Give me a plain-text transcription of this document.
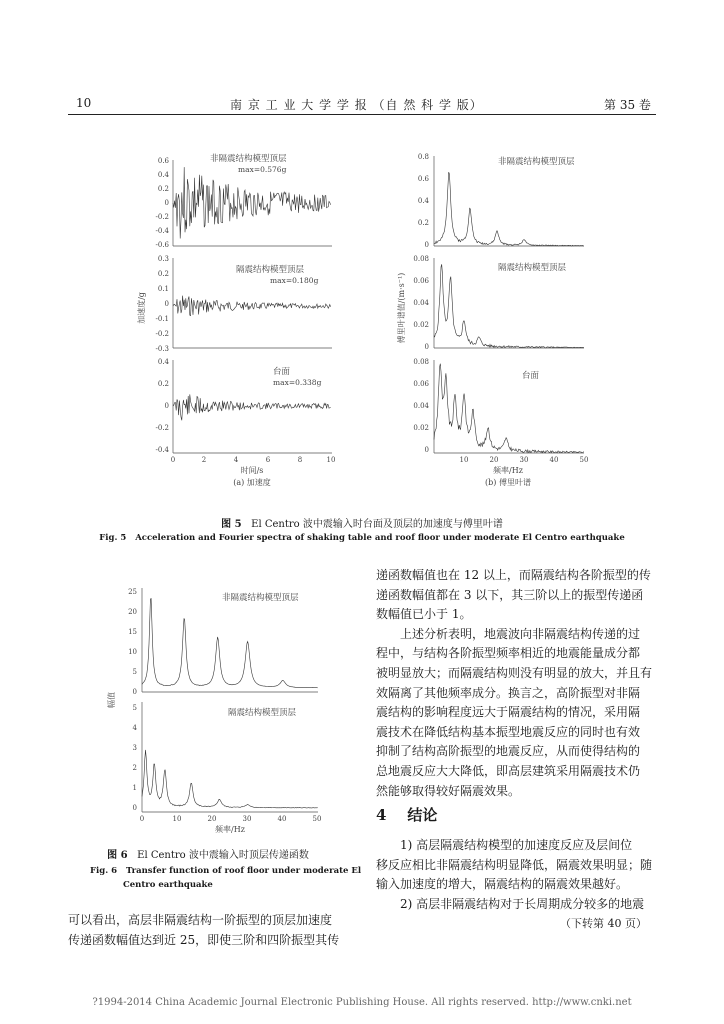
10	南 京 工 业 大 学 学 报 （自 然 科 学 版）	第 35 卷
非隔震结构模型顶层
max=0.576g
0.6
0.4
0.2
0
-0.2
-0.4
-0.6
隔震结构模型顶层
max=0.180g
0.3
0.2
0.1
0
-0.1
-0.2
-0.3
台面
max=0.338g
0.4
0.2
0
-0.2
-0.4
0	2	4	6	8	10
时间/s
(a) 加速度
加速度/g
非隔震结构模型顶层
0.8
0.6
0.4
0.2
0
隔震结构模型顶层
0.08
0.06
0.04
0.02
0
台面
0.08
0.06
0.04
0.02
0
10	20	30	40	50
频率/Hz
(b) 傅里叶谱
傅里叶谱值/(m·s⁻¹)
图 5 El Centro 波中震输入时台面及顶层的加速度与傅里叶谱
Fig. 5 Acceleration and Fourier spectra of shaking table and roof floor under moderate El Centro earthquake
非隔震结构模型顶层
25
20
15
10
5
0
隔震结构模型顶层
5
4
3
2
1
0
0	10	20	30	40	50
频率/Hz
幅值
图 6 El Centro 波中震输入时顶层传递函数
Fig. 6 Transfer function of roof floor under moderate El
Centro earthquake

可以看出，高层非隔震结构一阶振型的顶层加速度

传递函数幅值达到近 25，即使三阶和四阶振型其传

递函数幅值也在 12 以上，而隔震结构各阶振型的传

递函数幅值都在 3 以下，其三阶以上的振型传递函

数幅值已小于 1。

上述分析表明，地震波向非隔震结构传递的过

程中，与结构各阶振型频率相近的地震能量成分都

被明显放大；而隔震结构则没有明显的放大，并且有

效隔离了其他频率成分。换言之，高阶振型对非隔

震结构的影响程度远大于隔震结构的情况，采用隔

震技术在降低结构基本振型地震反应的同时也有效

抑制了结构高阶振型的地震反应，从而使得结构的

总地震反应大大降低，即高层建筑采用隔震技术仍

然能够取得较好隔震效果。

4 结论

1) 高层隔震结构模型的加速度反应及层间位

移反应相比非隔震结构明显降低，隔震效果明显；随

输入加速度的增大，隔震结构的隔震效果越好。

2) 高层非隔震结构对于长周期成分较多的地震

（下转第 40 页）
?1994-2014 China Academic Journal Electronic Publishing House. All rights reserved. http://www.cnki.net
